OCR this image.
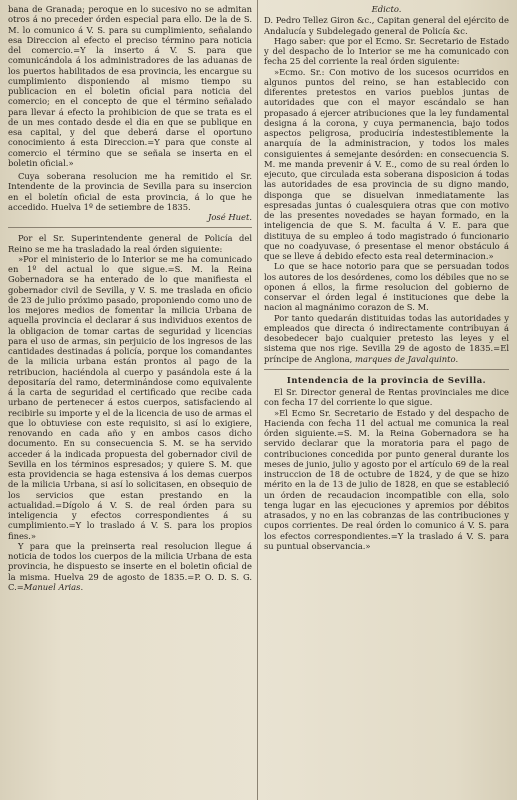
bana de Granada; peroque en lo sucesivo no se admitan otros á no preceder órden especial para ello. De la de S. M. lo comunico á V. S. para su cumplimiento, señalando esa Direccion al efecto el preciso término para noticia del comercio.=Y la inserto á V. S. para que comunicándola á los administradores de las aduanas de los puertos habilitados de esa provincia, les encargue su cumplimiento disponiendo al mismo tiempo su publicacion en el boletin oficial para noticia del comercio; en el concepto de que el término señalado para llevar á efecto la prohibicion de que se trata es el de un mes contado desde el dia en que se publique en esa capital, y del que deberá darse el oportuno conocimiento á esta Direccion.=Y para que conste al comercio el término que se señala se inserta en el boletin oficial.»

Cuya soberana resolucion me ha remitido el Sr. Intendente de la provincia de Sevilla para su insercion en el boletín oficial de esta provincia, á lo que he accedido. Huelva 1º de setiembre de 1835.

José Huet.

Por el Sr. Superintendente general de Policía del Reino se me ha trasladado la real órden siguiente:

»Por el ministerio de lo Interior se me ha comunicado en 1º del actual lo que sigue.=S. M. la Reina Gobernadora se ha enterado de lo que manifiesta el gobernador civil de Sevilla, y V. S. me traslada en oficio de 23 de julio próximo pasado, proponiendo como uno de los mejores medios de fomentar la milicia Urbana de aquella provincia el declarar á sus individuos exentos de la obligacion de tomar cartas de seguridad y licencias para el uso de armas, sin perjuicio de los ingresos de las cantidades destinadas á policía, porque los comandantes de la milicia urbana están prontos al pago de la retribucion, haciéndola al cuerpo y pasándola este á la depositaría del ramo, determinándose como equivalente á la carta de seguridad el certificado que recibe cada urbano de pertenecer á estos cuerpos, satisfaciendo al recibirle su importe y el de la licencia de uso de armas el que lo obtuviese con este requisito, si así lo exigiere, renovando en cada año y en ambos casos dicho documento. En su consecuencia S. M. se ha servido acceder á la indicada propuesta del gobernador civil de Sevilla en los términos espresados; y quiere S. M. que esta providencia se haga estensiva á los demas cuerpos de la milicia Urbana, si así lo solicitasen, en obsequio de los servicios que estan prestando en la actualidad.=Dígolo á V. S. de real órden para su inteligencia y efectos correspondientes á su cumplimiento.=Y lo traslado á V. S. para los propios fines.»

Y para que la preinserta real resolucion llegue á noticia de todos los cuerpos de la milicia Urbana de esta provincia, he dispuesto se inserte en el boletin oficial de la misma. Huelva 29 de agosto de 1835.=P. O. D. S. G. C.=Manuel Arias.

Edicto.

D. Pedro Tellez Giron &c., Capitan general del ejército de Andalucía y Subdelegado general de Policía &c.

Hago saber: que por el Ecmo. Sr. Secretario de Estado y del despacho de lo Interior se me ha comunicado con fecha 25 del corriente la real órden siguiente:

»Ecmo. Sr.: Con motivo de los sucesos ocurridos en algunos puntos del reino, se han establecido con diferentes pretestos en varios pueblos juntas de autoridades que con el mayor escándalo se han propasado á ejercer atribuciones que la ley fundamental designa á la corona, y cuya permanencia, bajo todos aspectos peligrosa, produciría indestestiblemente la anarquía de la administracion, y todos los males consiguientes á semejante desórden: en consecuencia S. M. me manda prevenir á V. E., como de su real órden lo ejecuto, que circulada esta soberana disposicion á todas las autoridades de esa provincia de su digno mando, disponga que se disuelvan inmediatamente las espresadas juntas ó cualesquiera otras que con motivo de las presentes novedades se hayan formado, en la inteligencia de que S. M. faculta á V. E. para que distituya de su empleo á todo magistrado ó funcionario que no coadyuvase, ó presentase el menor obstáculo á que se lleve á debido efecto esta real determinacion.»

Lo que se hace notorio para que se persuadan todos los autores de los desórdenes, como los débiles que no se oponen á ellos, la firme resolucion del gobierno de conservar el órden legal é instituciones que debe la nacion al magnánimo corazon de S. M.

Por tanto quedarán distituidas todas las autoridades y empleados que directa ó indirectamente contribuyan á desobedecer bajo cualquier pretesto las leyes y el sistema que nos rige. Sevilla 29 de agosto de 1835.=El príncipe de Anglona, marques de Javalquinto.

Intendencia de la provincia de Sevilla.

El Sr. Director general de Rentas provinciales me dice con fecha 17 del corriente lo que sigue.

»El Ecmo Sr. Secretario de Estado y del despacho de Hacienda con fecha 11 del actual me comunica la real órden siguiente.=S. M. la Reina Gobernadora se ha servido declarar que la moratoria para el pago de contribuciones concedida por punto general durante los meses de junio, julio y agosto por el artículo 69 de la real instruccion de 18 de octubre de 1824, y de que se hizo mérito en la de 13 de julio de 1828, en que se estableció un órden de recaudacion incompatible con ella, solo tenga lugar en las ejecuciones y apremios por débitos atrasados, y no en las cobranzas de las contribuciones y cupos corrientes. De real órden lo comunico á V. S. para los efectos correspondientes.=Y la traslado á V. S. para su puntual observancia.»
